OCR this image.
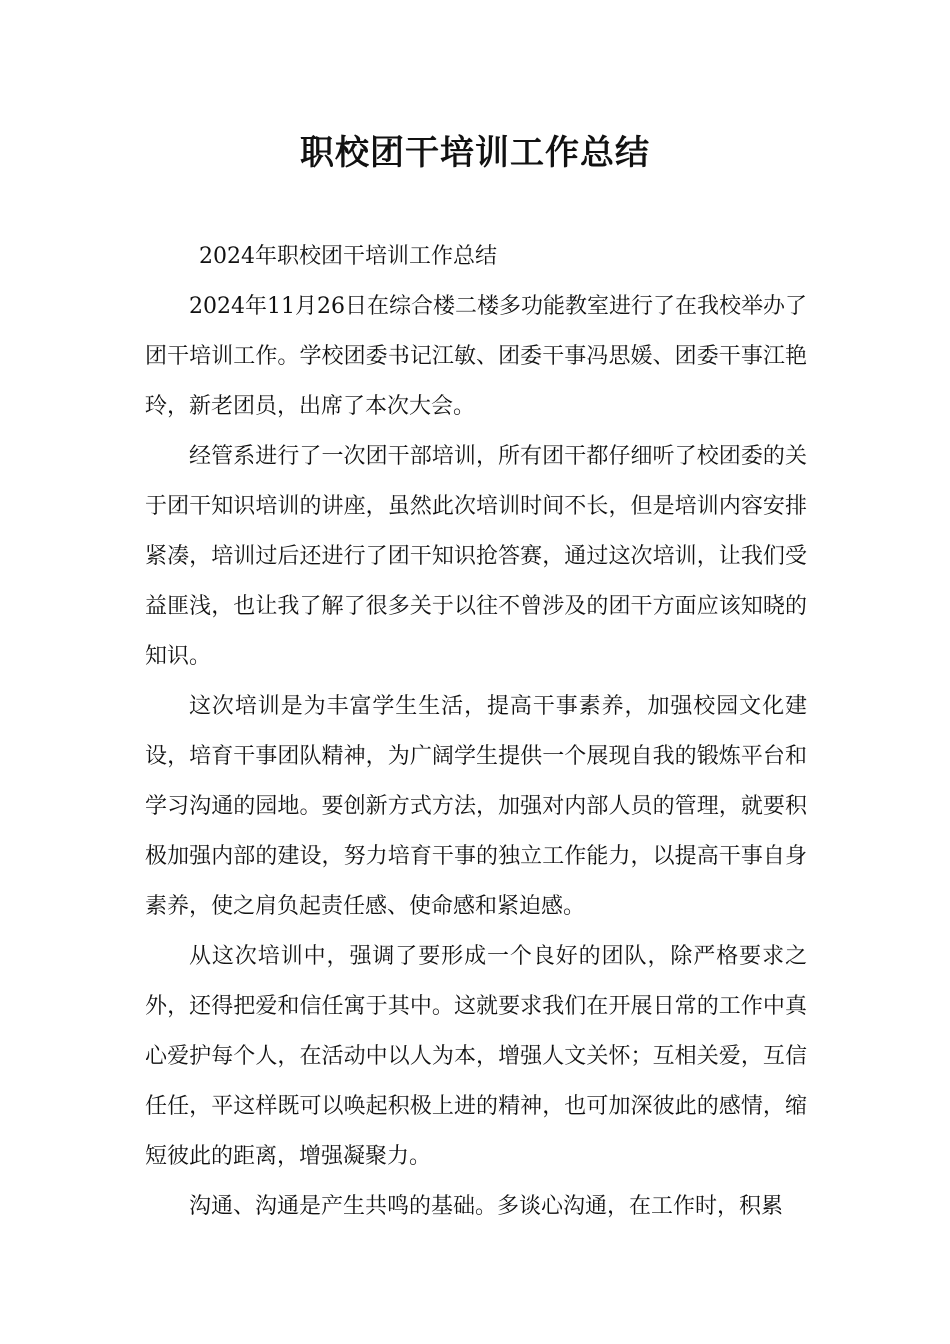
职校团干培训工作总结

2024年职校团干培训工作总结

2024年11月26日在综合楼二楼多功能教室进行了在我校举办了团干培训工作。学校团委书记江敏、团委干事冯思媛、团委干事江艳玲，新老团员，出席了本次大会。

经管系进行了一次团干部培训，所有团干都仔细听了校团委的关于团干知识培训的讲座，虽然此次培训时间不长，但是培训内容安排紧凑，培训过后还进行了团干知识抢答赛，通过这次培训，让我们受益匪浅，也让我了解了很多关于以往不曾涉及的团干方面应该知晓的知识。

这次培训是为丰富学生生活，提高干事素养，加强校园文化建设，培育干事团队精神，为广阔学生提供一个展现自我的锻炼平台和学习沟通的园地。要创新方式方法，加强对内部人员的管理，就要积极加强内部的建设，努力培育干事的独立工作能力，以提高干事自身素养，使之肩负起责任感、使命感和紧迫感。

从这次培训中，强调了要形成一个良好的团队，除严格要求之外，还得把爱和信任寓于其中。这就要求我们在开展日常的工作中真心爱护每个人，在活动中以人为本，增强人文关怀；互相关爱，互信任任，平这样既可以唤起积极上进的精神，也可加深彼此的感情，缩短彼此的距离，增强凝聚力。

沟通、沟通是产生共鸣的基础。多谈心沟通，在工作时，积累
